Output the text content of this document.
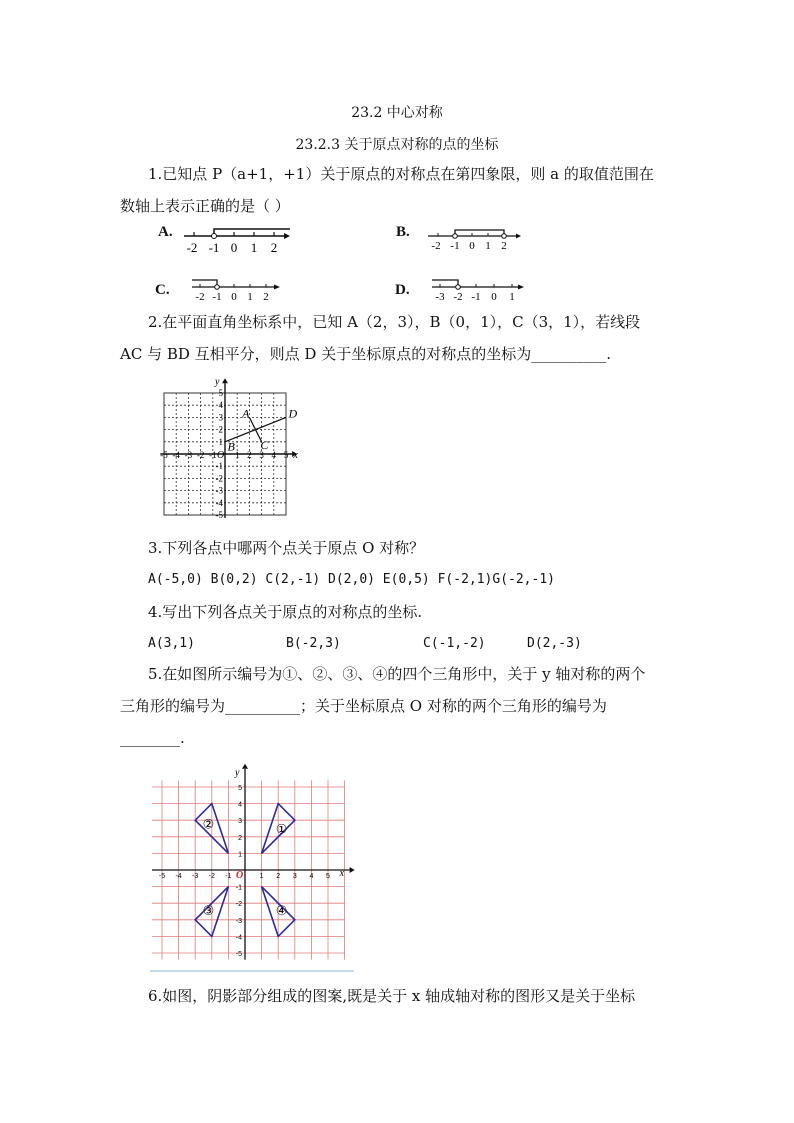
23.2 中心对称
23.2.3 关于原点对称的点的坐标
1.已知点 P（a+1，+1）关于原点的对称点在第四象限，则 a 的取值范围在
数轴上表示正确的是（ ）
A.
-2 -1 0 1 2
B.
-2 -1 0 1 2
C. -2 -1 0 1 2	D. -3 -2 -1 0 1
2.在平面直角坐标系中，已知 A（2，3），B（0，1），C（3，1），若线段
AC 与 BD 互相平分，则点 D 关于坐标原点的对称点的坐标为__________.
x
y
O
-5 -4 -3 -2 -1 1 2 3 4 5
5
4
3
2
1
-1
-2
-3
-4
-5
A
B C
D
3.下列各点中哪两个点关于原点 O 对称？
A(-5,0) B(0,2) C(2,-1) D(2,0) E(0,5) F(-2,1)G(-2,-1)
4.写出下列各点关于原点的对称点的坐标.
A(3,1)	B(-2,3)	C(-1,-2)	D(2,-3)
5.在如图所示编号为①、②、③、④的四个三角形中，关于 y 轴对称的两个
三角形的编号为__________；关于坐标原点 O 对称的两个三角形的编号为
________.
x
y
O
-5 -4 -3 -2 -1	1 2 3 4 5
5
4
3
2
1
-1
-2
-3
-4
-5
①
②
③	④
6.如图，阴影部分组成的图案,既是关于 x 轴成轴对称的图形又是关于坐标
